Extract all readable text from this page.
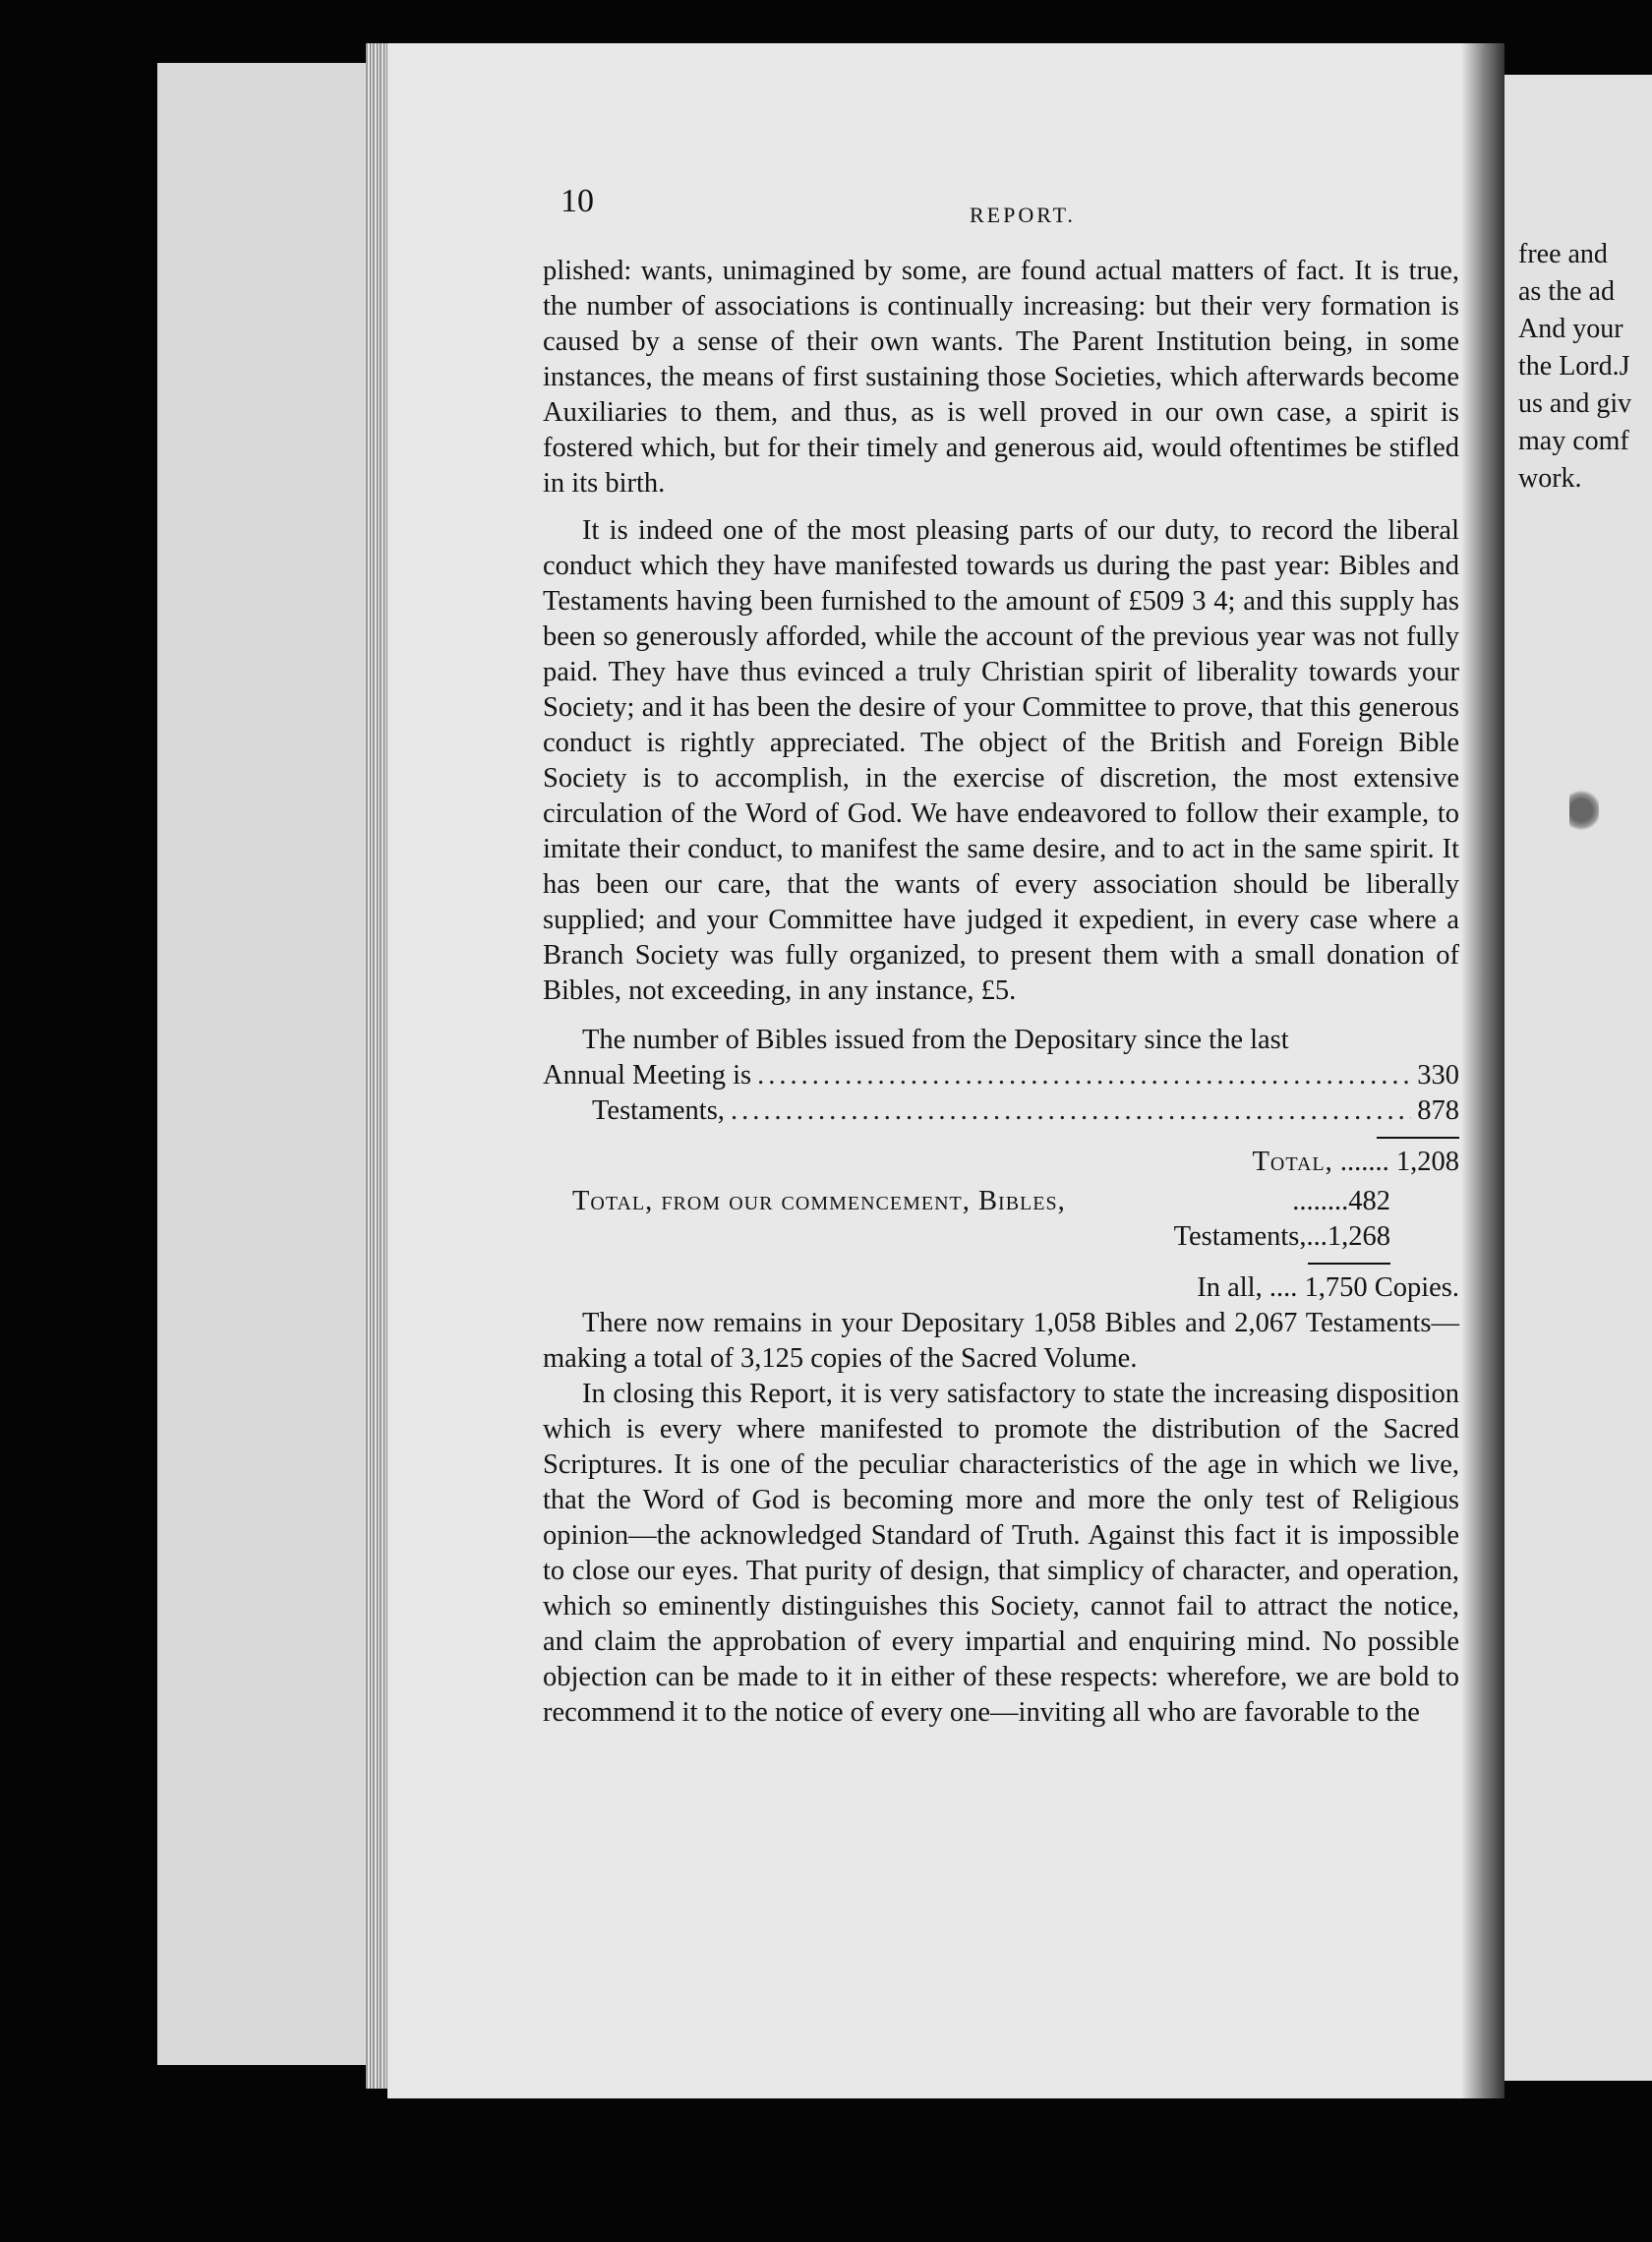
10	REPORT.

plished: wants, unimagined by some, are found actual matters of fact. It is true, the number of associations is continually increasing: but their very formation is caused by a sense of their own wants. The Parent Institution being, in some instances, the means of first sustaining those Societies, which afterwards become Auxiliaries to them, and thus, as is well proved in our own case, a spirit is fostered which, but for their timely and generous aid, would oftentimes be stifled in its birth.

It is indeed one of the most pleasing parts of our duty, to record the liberal conduct which they have manifested towards us during the past year: Bibles and Testaments having been furnished to the amount of £509 3 4; and this supply has been so generously afforded, while the account of the previous year was not fully paid. They have thus evinced a truly Christian spirit of liberality towards your Society; and it has been the desire of your Committee to prove, that this generous conduct is rightly appreciated. The object of the British and Foreign Bible Society is to accomplish, in the exercise of discretion, the most extensive circulation of the Word of God. We have endeavored to follow their example, to imitate their conduct, to manifest the same desire, and to act in the same spirit. It has been our care, that the wants of every association should be liberally supplied; and your Committee have judged it expedient, in every case where a Branch Society was fully organized, to present them with a small donation of Bibles, not exceeding, in any instance, £5.

The number of Bibles issued from the Depositary since the last

Annual Meeting is .....	330
Testaments, .....	878
Total, ....... 1,208
Total, from our commencement, Bibles,	........ 482
Testaments,...1,268
In all, .... 1,750 Copies.

There now remains in your Depositary 1,058 Bibles and 2,067 Testaments—making a total of 3,125 copies of the Sacred Volume.

In closing this Report, it is very satisfactory to state the increasing disposition which is every where manifested to promote the distribution of the Sacred Scriptures. It is one of the peculiar characteristics of the age in which we live, that the Word of God is becoming more and more the only test of Religious opinion—the acknowledged Standard of Truth. Against this fact it is impossible to close our eyes. That purity of design, that simplicy of character, and operation, which so eminently distinguishes this Society, cannot fail to attract the notice, and claim the approbation of every impartial and enquiring mind. No possible objection can be made to it in either of these respects: wherefore, we are bold to recommend it to the notice of every one—inviting all who are favorable to the

free and
as the ad
And your
the Lord.J
us and giv
may comf
work.
